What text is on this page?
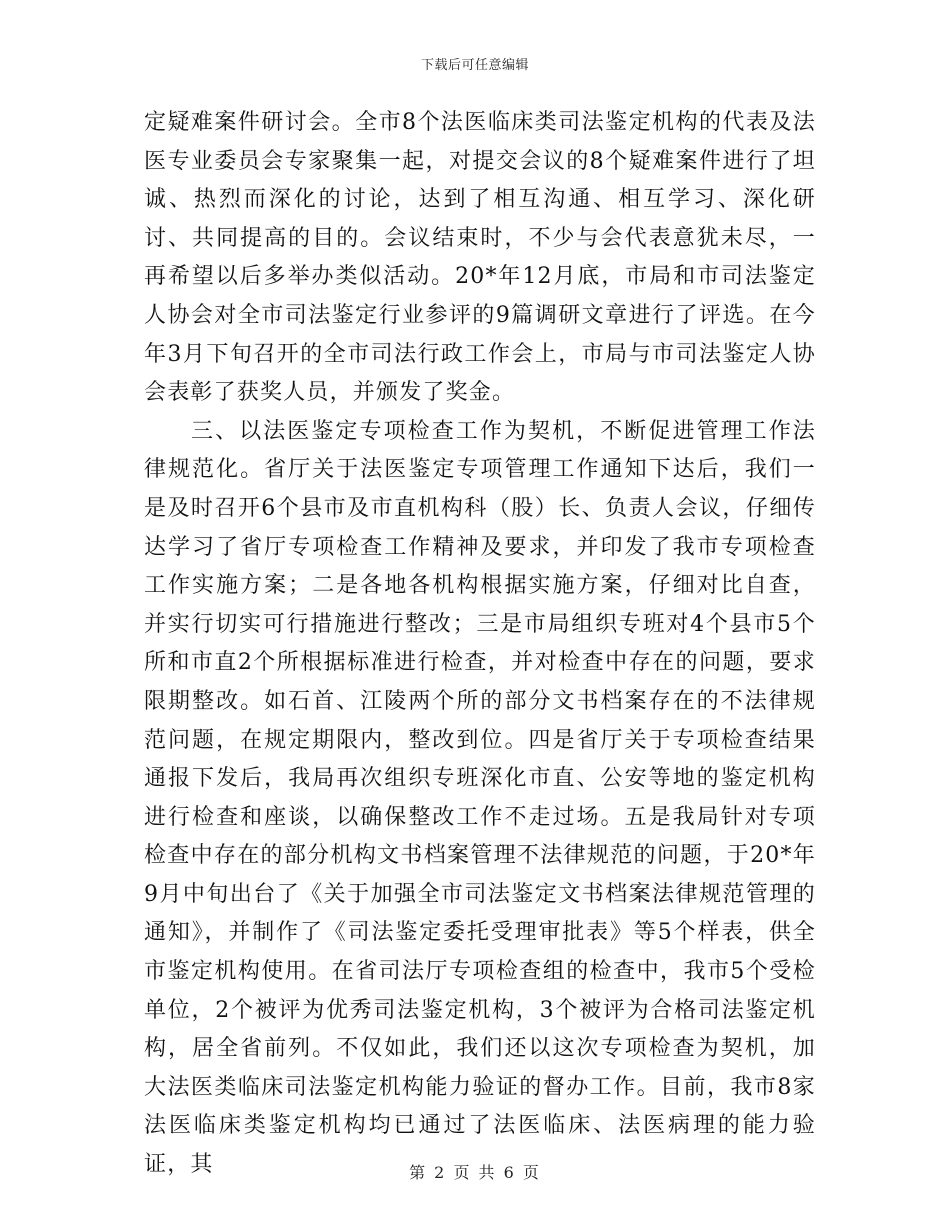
下载后可任意编辑

定疑难案件研讨会。全市8个法医临床类司法鉴定机构的代表及法医专业委员会专家聚集一起，对提交会议的8个疑难案件进行了坦诚、热烈而深化的讨论，达到了相互沟通、相互学习、深化研讨、共同提高的目的。会议结束时，不少与会代表意犹未尽，一再希望以后多举办类似活动。20*年12月底，市局和市司法鉴定人协会对全市司法鉴定行业参评的9篇调研文章进行了评选。在今年3月下旬召开的全市司法行政工作会上，市局与市司法鉴定人协会表彰了获奖人员，并颁发了奖金。

三、以法医鉴定专项检查工作为契机，不断促进管理工作法律规范化。省厅关于法医鉴定专项管理工作通知下达后，我们一是及时召开6个县市及市直机构科（股）长、负责人会议，仔细传达学习了省厅专项检查工作精神及要求，并印发了我市专项检查工作实施方案；二是各地各机构根据实施方案，仔细对比自查，并实行切实可行措施进行整改；三是市局组织专班对4个县市5个所和市直2个所根据标准进行检查，并对检查中存在的问题，要求限期整改。如石首、江陵两个所的部分文书档案存在的不法律规范问题，在规定期限内，整改到位。四是省厅关于专项检查结果通报下发后，我局再次组织专班深化市直、公安等地的鉴定机构进行检查和座谈，以确保整改工作不走过场。五是我局针对专项检查中存在的部分机构文书档案管理不法律规范的问题，于20*年9月中旬出台了《关于加强全市司法鉴定文书档案法律规范管理的通知》，并制作了《司法鉴定委托受理审批表》等5个样表，供全市鉴定机构使用。在省司法厅专项检查组的检查中，我市5个受检单位，2个被评为优秀司法鉴定机构，3个被评为合格司法鉴定机构，居全省前列。不仅如此，我们还以这次专项检查为契机，加大法医类临床司法鉴定机构能力验证的督办工作。目前，我市8家法医临床类鉴定机构均已通过了法医临床、法医病理的能力验证，其	第 2 页 共 6 页
